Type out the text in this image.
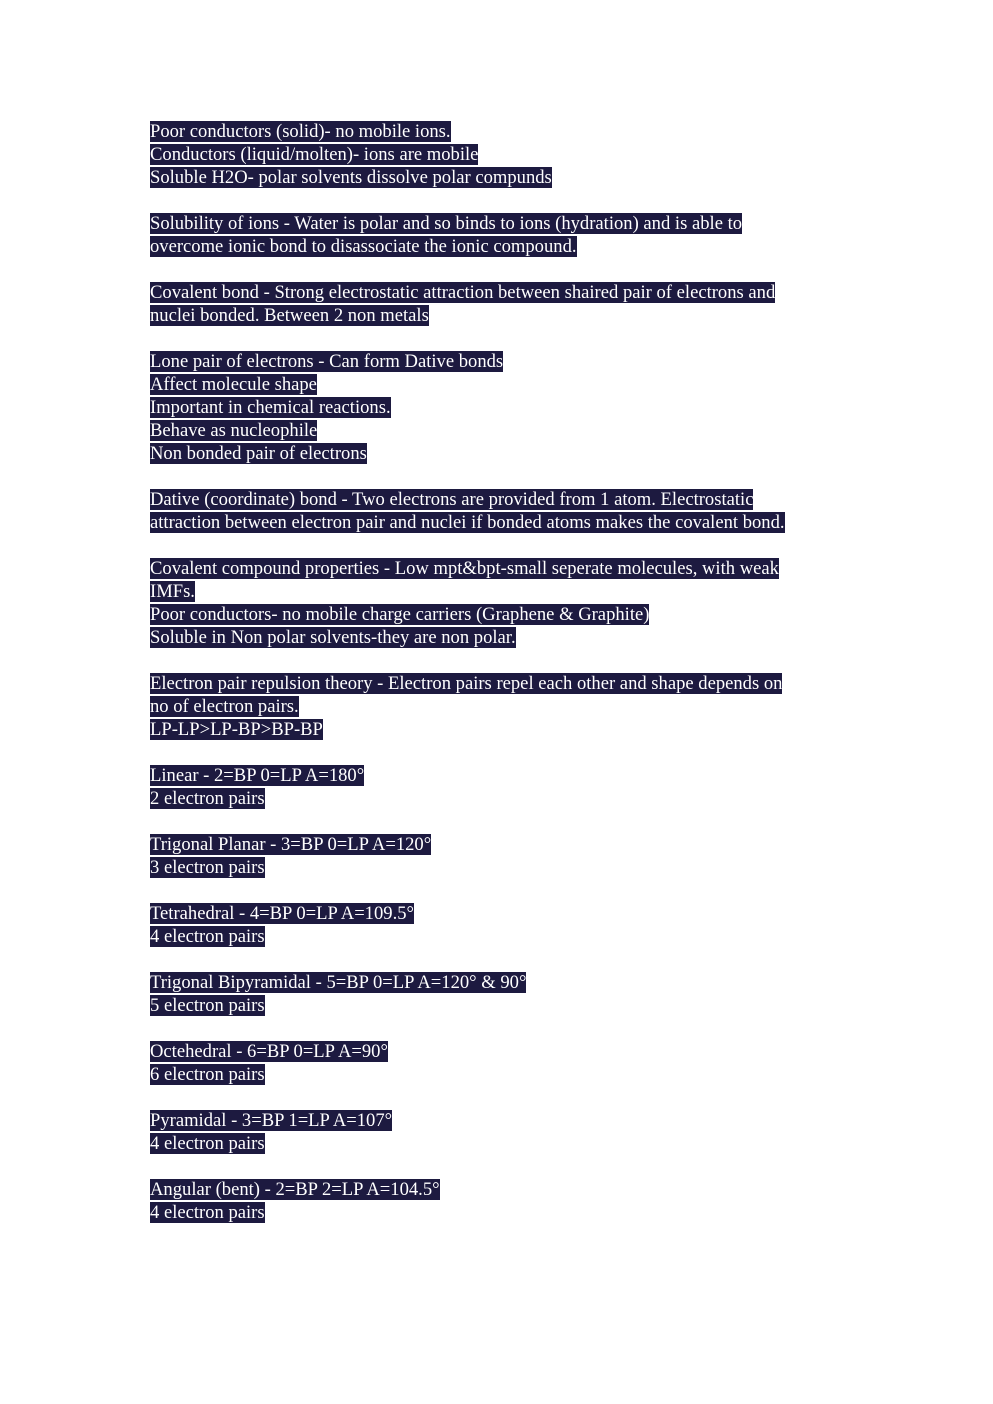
Poor conductors (solid)- no mobile ions.
Conductors (liquid/molten)- ions are mobile
Soluble H2O- polar solvents dissolve polar compunds
Solubility of ions - Water is polar and so binds to ions (hydration) and is able to
overcome ionic bond to disassociate the ionic compound.
Covalent bond - Strong electrostatic attraction between shaired pair of electrons and
nuclei bonded. Between 2 non metals
Lone pair of electrons - Can form Dative bonds
Affect molecule shape
Important in chemical reactions.
Behave as nucleophile
Non bonded pair of electrons
Dative (coordinate) bond - Two electrons are provided from 1 atom. Electrostatic
attraction between electron pair and nuclei if bonded atoms makes the covalent bond.
Covalent compound properties - Low mpt&bpt-small seperate molecules, with weak
IMFs.
Poor conductors- no mobile charge carriers (Graphene & Graphite)
Soluble in Non polar solvents-they are non polar.
Electron pair repulsion theory - Electron pairs repel each other and shape depends on
no of electron pairs.
LP-LP>LP-BP>BP-BP
Linear - 2=BP 0=LP A=180°
2 electron pairs
Trigonal Planar - 3=BP 0=LP A=120°
3 electron pairs
Tetrahedral - 4=BP 0=LP A=109.5°
4 electron pairs
Trigonal Bipyramidal - 5=BP 0=LP A=120° & 90°
5 electron pairs
Octehedral - 6=BP 0=LP A=90°
6 electron pairs
Pyramidal - 3=BP 1=LP A=107°
4 electron pairs
Angular (bent) - 2=BP 2=LP A=104.5°
4 electron pairs
